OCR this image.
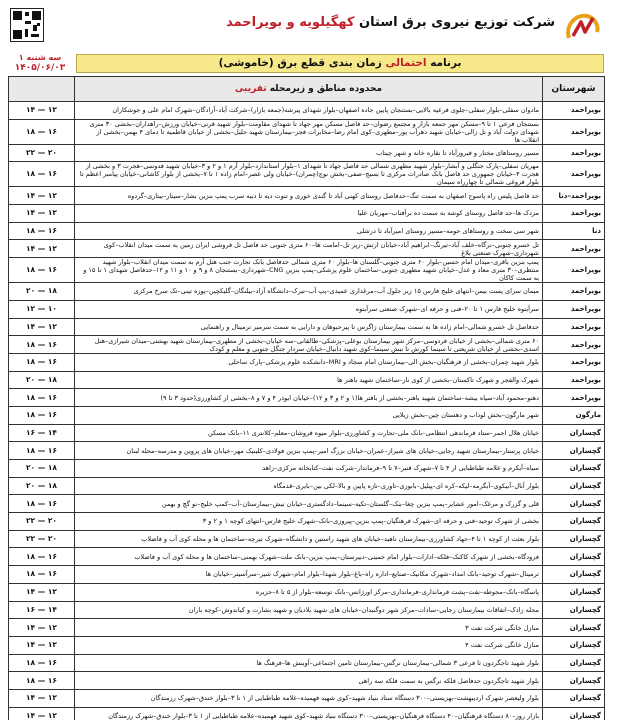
شرکت توزیع نیروی برق استان کهگیلویه و بویراحمد
سه شنبه ۱
۱۴۰۵/۰۶/۰۳	برنامه احتمالی زمان بندی قطع برق (خاموشی)
شهرستان	محدوده مناطق و زیرمحله تقریبی	
بویراحمد	مادوان سفلی–بلوار سفلی–جلوی فرعیه بالایی–بستنجان پایین جاده اصفهان–بلوار شهدای پیرشه(جمعه بازار)–شرکت آباد–آزادگان–شهرک امام علی و جوشکاران	۱۴ — ۱۲
بویراحمد	بستنجان فرعی ۱ تا ۹–مسکن مهر جمعه بازار و مجتمع رضوان–حد فاصل مسکن مهر جهاد تا شهدای مقاومت–بلوار شهید قرنی–خیابان ورزش–راهداران–بخشی ۳۰ متری شهدای دولت آباد و تل زالی–خیابان شهید دهرآب پور–مطهری–کوی امام رضا–مخابرات فجر–بیمارستان شهید جلیل–بخشی از خیابان فاطمیه تا دمای ۴ بهمن–بخشی از انقلاب ها	۱۸ — ۱۶
بویراحمد	مسیر روستاهای مختار و فیروزآباد تا نقاره خانه و شهر چیتاب	۲۲ — ۲۰
بویراحمد	مهریان سفلی–پارک جنگلی و آبشار–بلوار شهید مطهری شمالی حد فاصل جهاد تا شهدای ۱–بلوار استاندارد–بلوار آرم ۱ و ۲ و ۳–خیابان شهید فدوسی–هجرت ۳ و بخشی از هجرت ۴–خیابان جمهوری حد فاصل بانک صادرات مرکزی تا بسیج–صفی–بخش نوچ(چمران)–خیابان ولی عصر–امام زاده ۱ تا ۷–بخشی از بلوار کاشانی–خیابان پیامبر اعظم تا بلوار فروغی شمالی تا چهارراه سیمان	۱۸ — ۱۶
بویراحمد–دنا	حد فاصل پلیس راه پاسوج اصفهان به سمت تنگ–حدفاصل روستای کهنی آباد تا گندی خوری و تنوت دیه تا دیبه سرب پمپ بنزین بشار–سیتار–بیتاری–گردوه	۱۴ — ۱۲
بویراحمد	مزدک ها–حد فاصل روستای کوشه به سمت ده برآفتاب–مهریان علیا	۱۴ — ۱۲
دنا	شهر سی سخت و روستاهای حومه–مسیر روستای امیرآباد تا درشلی	۱۸ — ۱۶
بویراحمد	تل خسرو جنوبی–نرگاه–خلف آباد–تیرنگ–ابراهیم آباد–خیابان ارتش–زیر تل–امامت ها–۶۰ متری جنوبی حد فاصل تل فروشی ایران زمین به سمت میدان انقلاب–کوی شهرداری–شهرک صنعتی بلاغ	۱۴ — ۱۲
بویراحمد	پمپ بنزین باقری–میدان امام حسین–بلوار ۶۰ متری جنوبی–گلستان ها–بلوار ۶۰ متری شمالی حدفاصل بانک تجارت جنب هتل آرم به سمت میدان انقلاب–بلوار شهید منتظری–۳۰ متری معاد و عدل–خیابان شهید مطهری جنوبی–ساختمان علوم پزشکی–پمپ بنزین CNG–شهرداری–بستنجان ۸ و ۹ و ۱۰ و ۱۱ و ۱۲–حدفاصل شهدای ۱ تا ۱۵ و به سمت کاکان	۱۸ — ۱۶
بویراحمد	میمان سرای پست بیمن–انتهای خلیج فارس ۱۵ زیر جلول آب–مرغداری عمیدی–پپ آب–تیرک–دانشگاه آزاد–بیلنگان–گلیکچین–پوزه تینی–تک سرخ مرکزی	۲۰ — ۱۸
بویراحمد	سرآبتوه خلیج فارس ۱ تا ۲۰–فنی و حرفه ای–شهرک صنعتی سرآبتوه	۱۲ — ۱۰
بویراحمد	حدفاصل تل خسرو شمالی–امام زاده ها به سمت بیمارستان زاگرس تا پیرحبوهان و دارایی به سمت سرمیر ترمینال و راهنمایی	۱۴ — ۱۲
بویراحمد	۶۰ متری شمالی–بخشی از خیابان فردوسی–مرکز شهر بیمارستان بوعلی–پزشکی–طالقانی–سه خیابان–بخشی از مطهری–بیمارستان شهید بهشتی–میدان شیرازی–هتل اسدی–بخشی از خیابان شریعتی تا سینما کورش تا نبش سینما–کوی شهید دانیال–خیابان سردار جنگل جنوبی و معلم و کودک	۱۸ — ۱۶
بویراحمد	بلوار شهید چمران–بخشی از فرهنگیان–بخش الی–بیمارستان امام سجاد و MRI–دانشکده علوم پزشکی–پارک ساحلی	۱۸ — ۱۶
بویراحمد	شهرک والفجر و شهرک تاکستان–بخشی از کوی ناز–ساختمان شهید باهنر ها	۲۰ — ۱۸
بویراحمد	دهنو–محمود آباد–سیاه بیشه–ساختمان شهید باهنر–بخشی از بافتر ها(۱ و ۲ و ۳ و ۱۲)–خیابان ابوذر ۴ و ۷ و ۸–بخشی از کشاورزی(حدود ۳ تا ۹)	۱۸ — ۱۶
مارگون	شهر مارگون–بخش لوداب و دهستان چین–بخش زیلایی	۱۸ — ۱۶
گچساران	خیابان هلال احمر–ستاد فرماندهی انتظامی–بانک ملی–تجارت و کشاورزی–بلوار میوه فروشان–معلم–کلانتری ۱۱–بانک مسکن	۱۶ — ۱۴
گچساران	خیابان پرستار–بیمارستان شهید رجایی–خیابان های شیراز–عمران–خیابان بزرگ امیر–پمپ بنزین فولادی–کلینیک مهر–خیابان های پروین و مدرسه–محله لبنان	۱۸ — ۱۶
گچساران	سیاه–آبکرم و علامه طباطبایی از ۴ تا ۷–شهرک قنبر–۷ تا ۹–فرماندار–شرکت نفت–کتابخانه مرکزی–زاهد	۲۰ — ۱۸
گچساران	بلوار آنال–آبیکوی–آبگرمه–لیکه–کره ای–پیلیل–بابوزی–تاوری–تازه پایین و بالا–لکی بین–بایری–قدمگاه	۲۰ — ۱۸
گچساران	قلی و گزرک و مرغک–امور عشایر–پمپ بنزین چغا–بنک–گلستان–تکیه–سینما–دادگستری–خیابان نیش–بیمارستان–آب–کمپ خلیج–نو گچ و بهمن	۱۸ — ۱۶
گچساران	بخشی از شهرک توحید–فنی و حرفه ای–شهرک فرهنگیان–پمپ بنزین–پیروزی–بانک–شهرک خلیج فارس–انتهای کوچه ۱ و ۲ و ۳	۲۲ — ۲۰
گچساران	بلوار بعثت از کوچه ۱ تا ۴–جهاد کشاورزی–بیمارستان ناهید–خیابان های شهید راستین و دانشگاه–شهرک تیرچه–ساختمان ها و محله کوی آب و فاضلاب	۲۲ — ۲۰
گچساران	فرودگاه–بخشی از شهرک کاکنک–فلکه–ادارات–بلوار امام خمینی–دبیرستان–پمپ بنزین–بانک ملت–شهرک بهمنی–ساختمان ها و محله کوی آب و فاضلاب	۱۸ — ۱۶
گچساران	ترمینال–شهرک توحید–بانک امداد–شهرک مکانیک–صنایع–اداره راه–باغ–بلوار شهدا–بلوار امام–شهرک شیر–سرآسیتر–خیابان ها	۱۸ — ۱۶
گچساران	پاسگاه–بانک–محوطه–نفت–پشت فرمانداری–فرمانداری–مرکز اورژانس–بانک توسعه–بلوار از ۵ تا ۸–جزیره	۱۴ — ۱۲
گچساران	محله زادک–اتفاقات بیمارستان رجایی–سادات–مرکز شهر دوگنبدان–خیابان های شهید بلادیان و شهید بشارت و کیاندوش–کوچه باران	۱۶ — ۱۴
گچساران	منازل خانگی شرکت نفت ۳	۱۴ — ۱۲
گچساران	منازل خانگی شرکت نفت ۴	۱۴ — ۱۲
گچساران	بلوار شهید تاجگردون تا فرعی ۳ شمالی–بیمارستان نرگس–بیمارستان تامین اجتماعی–آوینش ها–فرهنگ ها	۱۸ — ۱۶
گچساران	بلوار شهید تاجگردون حدفاصل فلکه نرگس به سمت فلکه سه راهی	۱۸ — ۱۶
گچساران	بلوار ولیعصر شهرک اردیبهشت–بهزیستی–۳۰۰ دستگاه ستاد بنیاد شهید–کوی شهید فهمیده–علامه طباطبایی از ۱ تا ۳–بلوار خندق–شهرک رزمندگان	۱۴ — ۱۲
گچساران	بازار روز–۸۰ دستگاه فرهنگیان–۴۰ دستگاه فرهنگیان–بهزیستی–۳۰۰ دستگاه بنیاد شهید–کوی شهید فهمیده–علامه طباطبایی از ۱ تا ۳–بلوار خندق–شهرک رزمندگان	۱۴ — ۱۲
